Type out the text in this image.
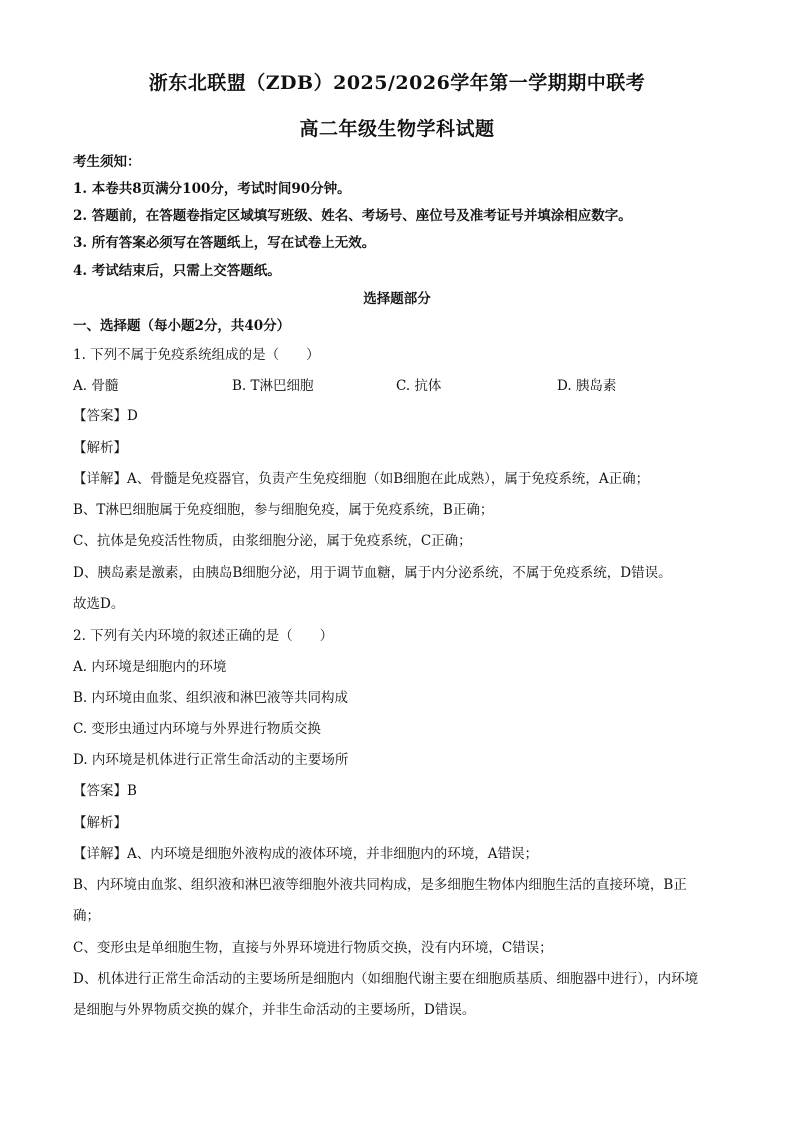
浙东北联盟（ZDB）2025/2026学年第一学期期中联考
高二年级生物学科试题
考生须知：
1. 本卷共8页满分100分，考试时间90分钟。
2. 答题前，在答题卷指定区域填写班级、姓名、考场号、座位号及准考证号并填涂相应数字。
3. 所有答案必须写在答题纸上，写在试卷上无效。
4. 考试结束后，只需上交答题纸。
选择题部分
一、选择题（每小题2分，共40分）
1. 下列不属于免疫系统组成的是（　　）
A. 骨髓	B. T淋巴细胞	C. 抗体	D. 胰岛素
【答案】D
【解析】
【详解】A、骨髓是免疫器官，负责产生免疫细胞（如B细胞在此成熟），属于免疫系统，A正确；
B、T淋巴细胞属于免疫细胞，参与细胞免疫，属于免疫系统，B正确；
C、抗体是免疫活性物质，由浆细胞分泌，属于免疫系统，C正确；
D、胰岛素是激素，由胰岛B细胞分泌，用于调节血糖，属于内分泌系统，不属于免疫系统，D错误。
故选D。
2. 下列有关内环境的叙述正确的是（　　）
A. 内环境是细胞内的环境
B. 内环境由血浆、组织液和淋巴液等共同构成
C. 变形虫通过内环境与外界进行物质交换
D. 内环境是机体进行正常生命活动的主要场所
【答案】B
【解析】
【详解】A、内环境是细胞外液构成的液体环境，并非细胞内的环境，A错误；
B、内环境由血浆、组织液和淋巴液等细胞外液共同构成，是多细胞生物体内细胞生活的直接环境，B正
确；
C、变形虫是单细胞生物，直接与外界环境进行物质交换，没有内环境，C错误；
D、机体进行正常生命活动的主要场所是细胞内（如细胞代谢主要在细胞质基质、细胞器中进行），内环境
是细胞与外界物质交换的媒介，并非生命活动的主要场所，D错误。
